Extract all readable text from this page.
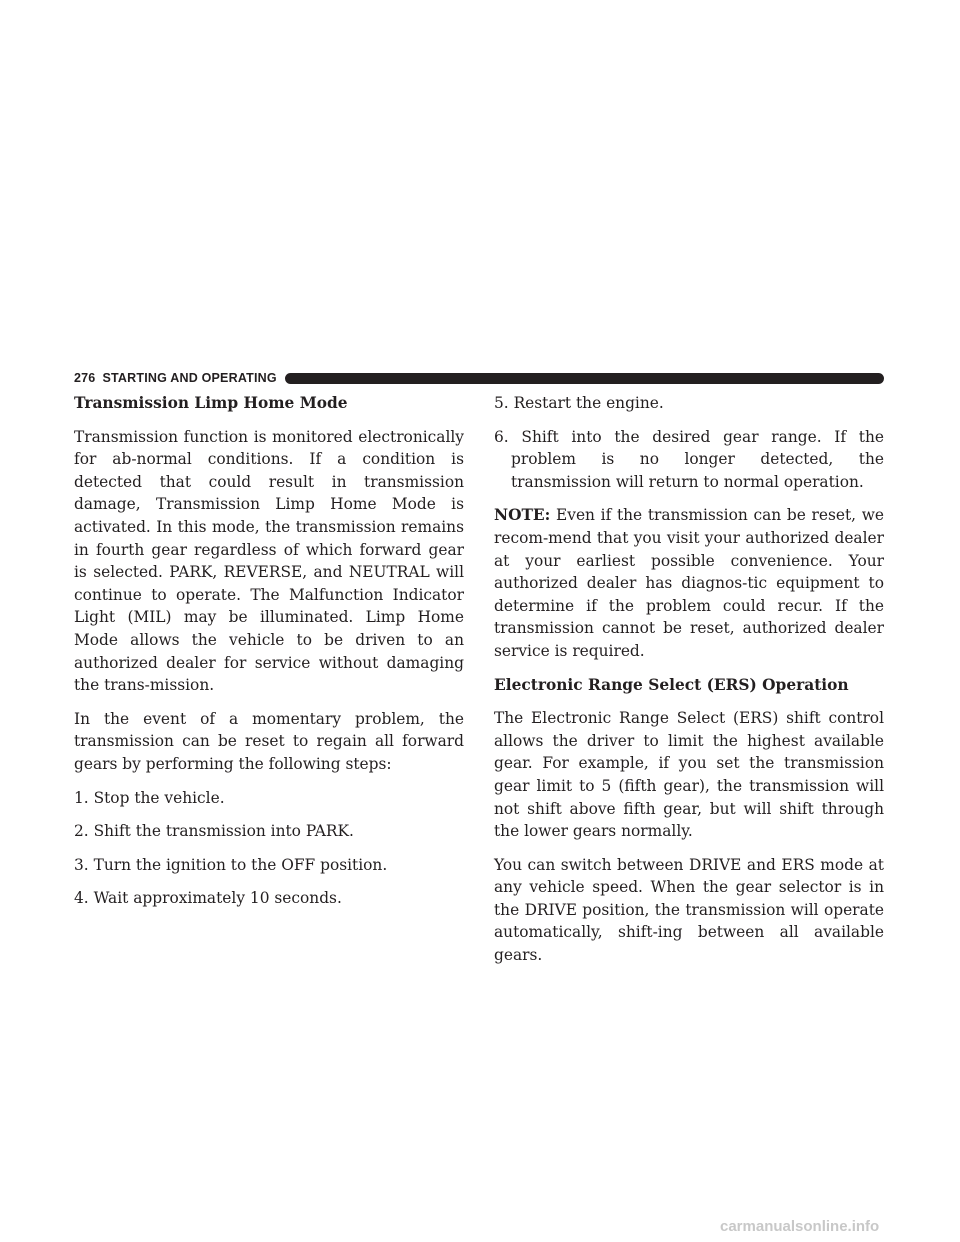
276 STARTING AND OPERATING
Transmission Limp Home Mode

Transmission function is monitored electronically for ab-normal conditions. If a condition is detected that could result in transmission damage, Transmission Limp Home Mode is activated. In this mode, the transmission remains in fourth gear regardless of which forward gear is selected. PARK, REVERSE, and NEUTRAL will continue to operate. The Malfunction Indicator Light (MIL) may be illuminated. Limp Home Mode allows the vehicle to be driven to an authorized dealer for service without damaging the trans-mission.

In the event of a momentary problem, the transmission can be reset to regain all forward gears by performing the following steps:

1. Stop the vehicle.
2. Shift the transmission into PARK.
3. Turn the ignition to the OFF position.
4. Wait approximately 10 seconds.
5. Restart the engine.
6. Shift into the desired gear range. If the problem is no longer detected, the transmission will return to normal operation.

NOTE: Even if the transmission can be reset, we recom-mend that you visit your authorized dealer at your earliest possible convenience. Your authorized dealer has diagnos-tic equipment to determine if the problem could recur. If the transmission cannot be reset, authorized dealer service is required.

Electronic Range Select (ERS) Operation

The Electronic Range Select (ERS) shift control allows the driver to limit the highest available gear. For example, if you set the transmission gear limit to 5 (fifth gear), the transmission will not shift above fifth gear, but will shift through the lower gears normally.

You can switch between DRIVE and ERS mode at any vehicle speed. When the gear selector is in the DRIVE position, the transmission will operate automatically, shift-ing between all available gears.

carmanualsonline.info
